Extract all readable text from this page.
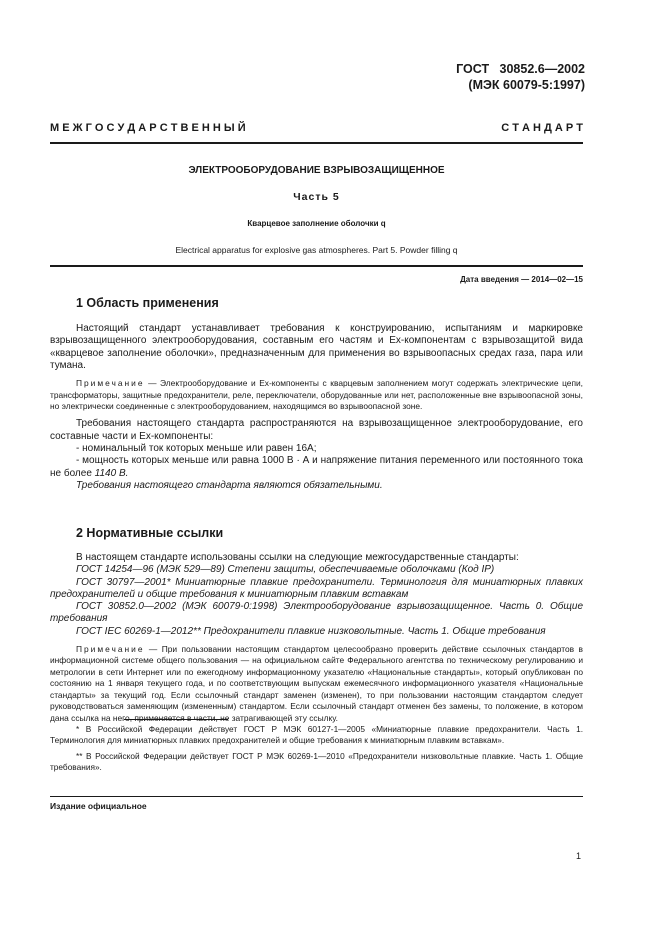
ГОСТ   30852.6—2002
(МЭК 60079-5:1997)
М Е Ж Г О С У Д А Р С Т В Е Н Н Ы Й	С Т А Н Д А Р Т
ЭЛЕКТРООБОРУДОВАНИЕ ВЗРЫВОЗАЩИЩЕННОЕ
Часть 5
Кварцевое заполнение оболочки q
Electrical apparatus for explosive gas atmospheres. Part 5. Powder filling q
Дата введения — 2014—02—15
1 Область применения

Настоящий стандарт устанавливает требования к конструированию, испытаниям и маркировке взрывозащищенного электрооборудования, составным его частям и Ex-компонентам с взрывозащитой вида «кварцевое заполнение оболочки», предназначенным для применения во взрывоопасных средах газа, пара или тумана.

Примечание — Электрооборудование и Ex-компоненты с кварцевым заполнением могут содержать электрические цепи, трансформаторы, защитные предохранители, реле, переключатели, оборудованные или нет, расположенные вне взрывоопасной зоны, но электрически соединенные с электрооборудованием, находящимся во взрывоопасной зоне.

Требования настоящего стандарта распространяются на взрывозащищенное электрооборудование, его составные части и Ex-компоненты:

- номинальный ток которых меньше или равен 16А;

- мощность которых меньше или равна 1000 В · А и напряжение питания переменного или постоянного тока не более 1140 В.

Требования настоящего стандарта являются обязательными.

2 Нормативные ссылки

В настоящем стандарте использованы ссылки на следующие межгосударственные стандарты:

ГОСТ 14254—96 (МЭК 529—89) Степени защиты, обеспечиваемые оболочками (Код IP)

ГОСТ 30797—2001* Миниатюрные плавкие предохранители. Терминология для миниатюрных плавких предохранителей и общие требования к миниатюрным плавким вставкам

ГОСТ 30852.0—2002 (МЭК 60079-0:1998) Электрооборудование взрывозащищенное. Часть 0. Общие требования

ГОСТ IEC 60269-1—2012** Предохранители плавкие низковольтные. Часть 1. Общие требования

Примечание — При пользовании настоящим стандартом целесообразно проверить действие ссылочных стандартов в информационной системе общего пользования — на официальном сайте Федерального агентства по техническому регулированию и метрологии в сети Интернет или по ежегодному информационному указателю «Национальные стандарты», который опубликован по состоянию на 1 января текущего года, и по соответствующим выпускам ежемесячного информационного указателя «Национальные стандарты» за текущий год. Если ссылочный стандарт заменен (изменен), то при пользовании настоящим стандартом следует руководствоваться заменяющим (измененным) стандартом. Если ссылочный стандарт отменен без замены, то положение, в котором дана ссылка на него, применяется в части, не затрагивающей эту ссылку.

* В Российской Федерации действует ГОСТ Р МЭК 60127-1—2005 «Миниатюрные плавкие предохранители. Часть 1. Терминология для миниатюрных плавких предохранителей и общие требования к миниатюрным плавким вставкам».

** В Российской Федерации действует ГОСТ Р МЭК 60269-1—2010 «Предохранители низковольтные плавкие. Часть 1. Общие требования».

Издание официальное
1
